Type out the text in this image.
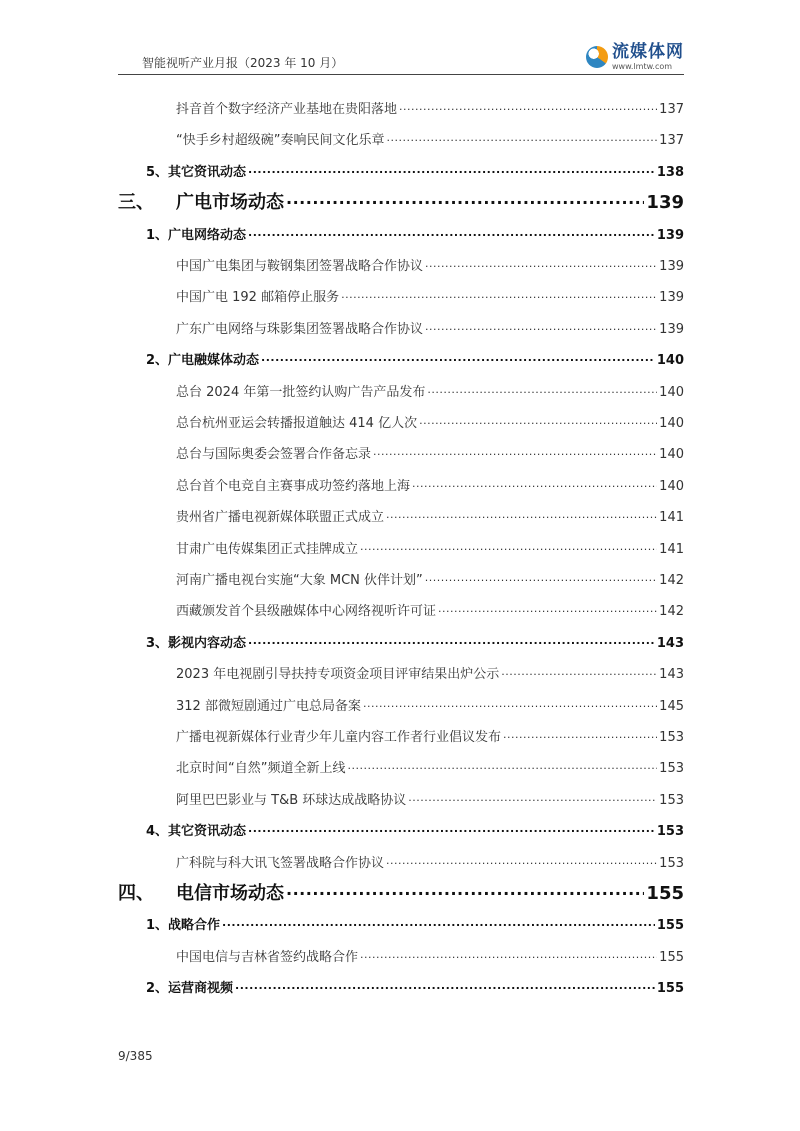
智能视听产业月报（2023 年 10 月）
流媒体网
www.lmtw.com
抖音首个数字经济产业基地在贵阳落地 .....	137
“快手乡村超级碗”奏响民间文化乐章 .....	137
5、其它资讯动态 .....	138
三、	广电市场动态 .....	139
1、广电网络动态 .....	139
中国广电集团与鞍钢集团签署战略合作协议 .....	139
中国广电 192 邮箱停止服务 .....	139
广东广电网络与珠影集团签署战略合作协议 .....	139
2、广电融媒体动态 .....	140
总台 2024 年第一批签约认购广告产品发布 .....	140
总台杭州亚运会转播报道触达 414 亿人次 .....	140
总台与国际奥委会签署合作备忘录 .....	140
总台首个电竞自主赛事成功签约落地上海 .....	140
贵州省广播电视新媒体联盟正式成立 .....	141
甘肃广电传媒集团正式挂牌成立 .....	141
河南广播电视台实施“大象 MCN 伙伴计划” .....	142
西藏颁发首个县级融媒体中心网络视听许可证 .....	142
3、影视内容动态 .....	143
2023 年电视剧引导扶持专项资金项目评审结果出炉公示 .....	143
312 部微短剧通过广电总局备案 .....	145
广播电视新媒体行业青少年儿童内容工作者行业倡议发布 .....	153
北京时间“自然”频道全新上线 .....	153
阿里巴巴影业与 T&B 环球达成战略协议 .....	153
4、其它资讯动态 .....	153
广科院与科大讯飞签署战略合作协议 .....	153
四、	电信市场动态 .....	155
1、战略合作 .....	155
中国电信与吉林省签约战略合作 .....	155
2、运营商视频 .....	155
9/385
